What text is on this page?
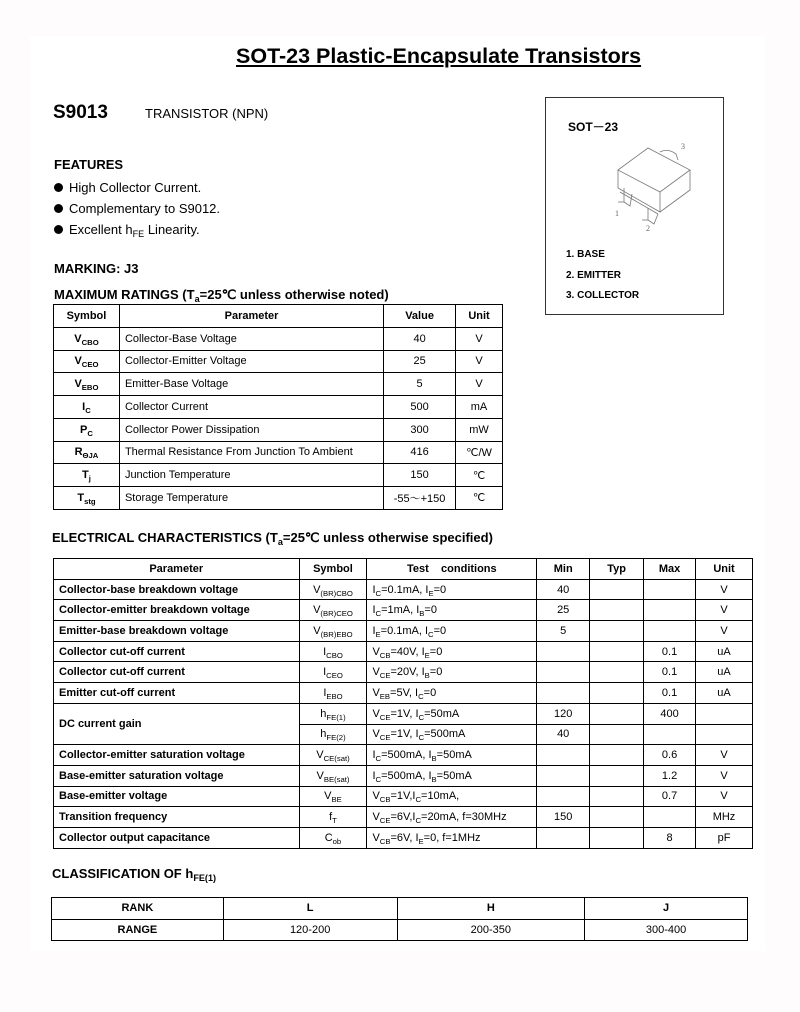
SOT-23 Plastic-Encapsulate Transistors
S9013	TRANSISTOR (NPN)
FEATURES
High Collector Current.
Complementary to S9012.
Excellent $h_{FE}$ Linearity.
MARKING: J3
MAXIMUM RATINGS ($T_a=25℃$ unless otherwise noted)
SOT－23
1
2
3
1. BASE
2. EMITTER
3. COLLECTOR
Symbol	Parameter	Value	Unit
$V_{CBO}$	Collector-Base Voltage	40	V
$V_{CEO}$	Collector-Emitter Voltage	25	V
$V_{EBO}$	Emitter-Base Voltage	5	V
$I_C$	Collector Current	500	mA
$P_C$	Collector Power Dissipation	300	mW
$R_{\Theta JA}$	Thermal Resistance From Junction To Ambient	416	℃/W
$T_j$	Junction Temperature	150	℃
$T_{stg}$	Storage Temperature	-55～+150	℃
ELECTRICAL CHARACTERISTICS ($T_a=25℃$ unless otherwise specified)
Parameter	Symbol	Test    conditions	Min	Typ	Max	Unit
Collector-base breakdown voltage	$V_{(BR)CBO}$	$I_C=0.1mA$, $I_E=0$	40			V
Collector-emitter breakdown voltage	$V_{(BR)CEO}$	$I_C=1mA$, $I_B=0$	25			V
Emitter-base breakdown voltage	$V_{(BR)EBO}$	$I_E=0.1mA$, $I_C=0$	5			V
Collector cut-off current	$I_{CBO}$	$V_{CB}=40V$, $I_E=0$			0.1	uA
Collector cut-off current	$I_{CEO}$	$V_{CE}=20V$, $I_B=0$			0.1	uA
Emitter cut-off current	$I_{EBO}$	$V_{EB}=5V$, $I_C=0$			0.1	uA
DC current gain	$h_{FE(1)}$	$V_{CE}=1V$, $I_C=50mA$	120		400	
	$h_{FE(2)}$	$V_{CE}=1V$, $I_C=500mA$	40			
Collector-emitter saturation voltage	$V_{CE(sat)}$	$I_C=500mA$, $I_B=50mA$			0.6	V
Base-emitter saturation voltage	$V_{BE(sat)}$	$I_C=500mA$, $I_B=50mA$			1.2	V
Base-emitter voltage	$V_{BE}$	$V_{CB}=1V,I_C=10mA$,			0.7	V
Transition frequency	$f_T$	$V_{CE}=6V,I_C=20mA$, f=30MHz	150			MHz
Collector output capacitance	$C_{ob}$	$V_{CB}=6V$, $I_E=0$, f=1MHz			8	pF
CLASSIFICATION OF $h_{FE(1)}$
RANK	L	H	J
RANGE	120-200	200-350	300-400
